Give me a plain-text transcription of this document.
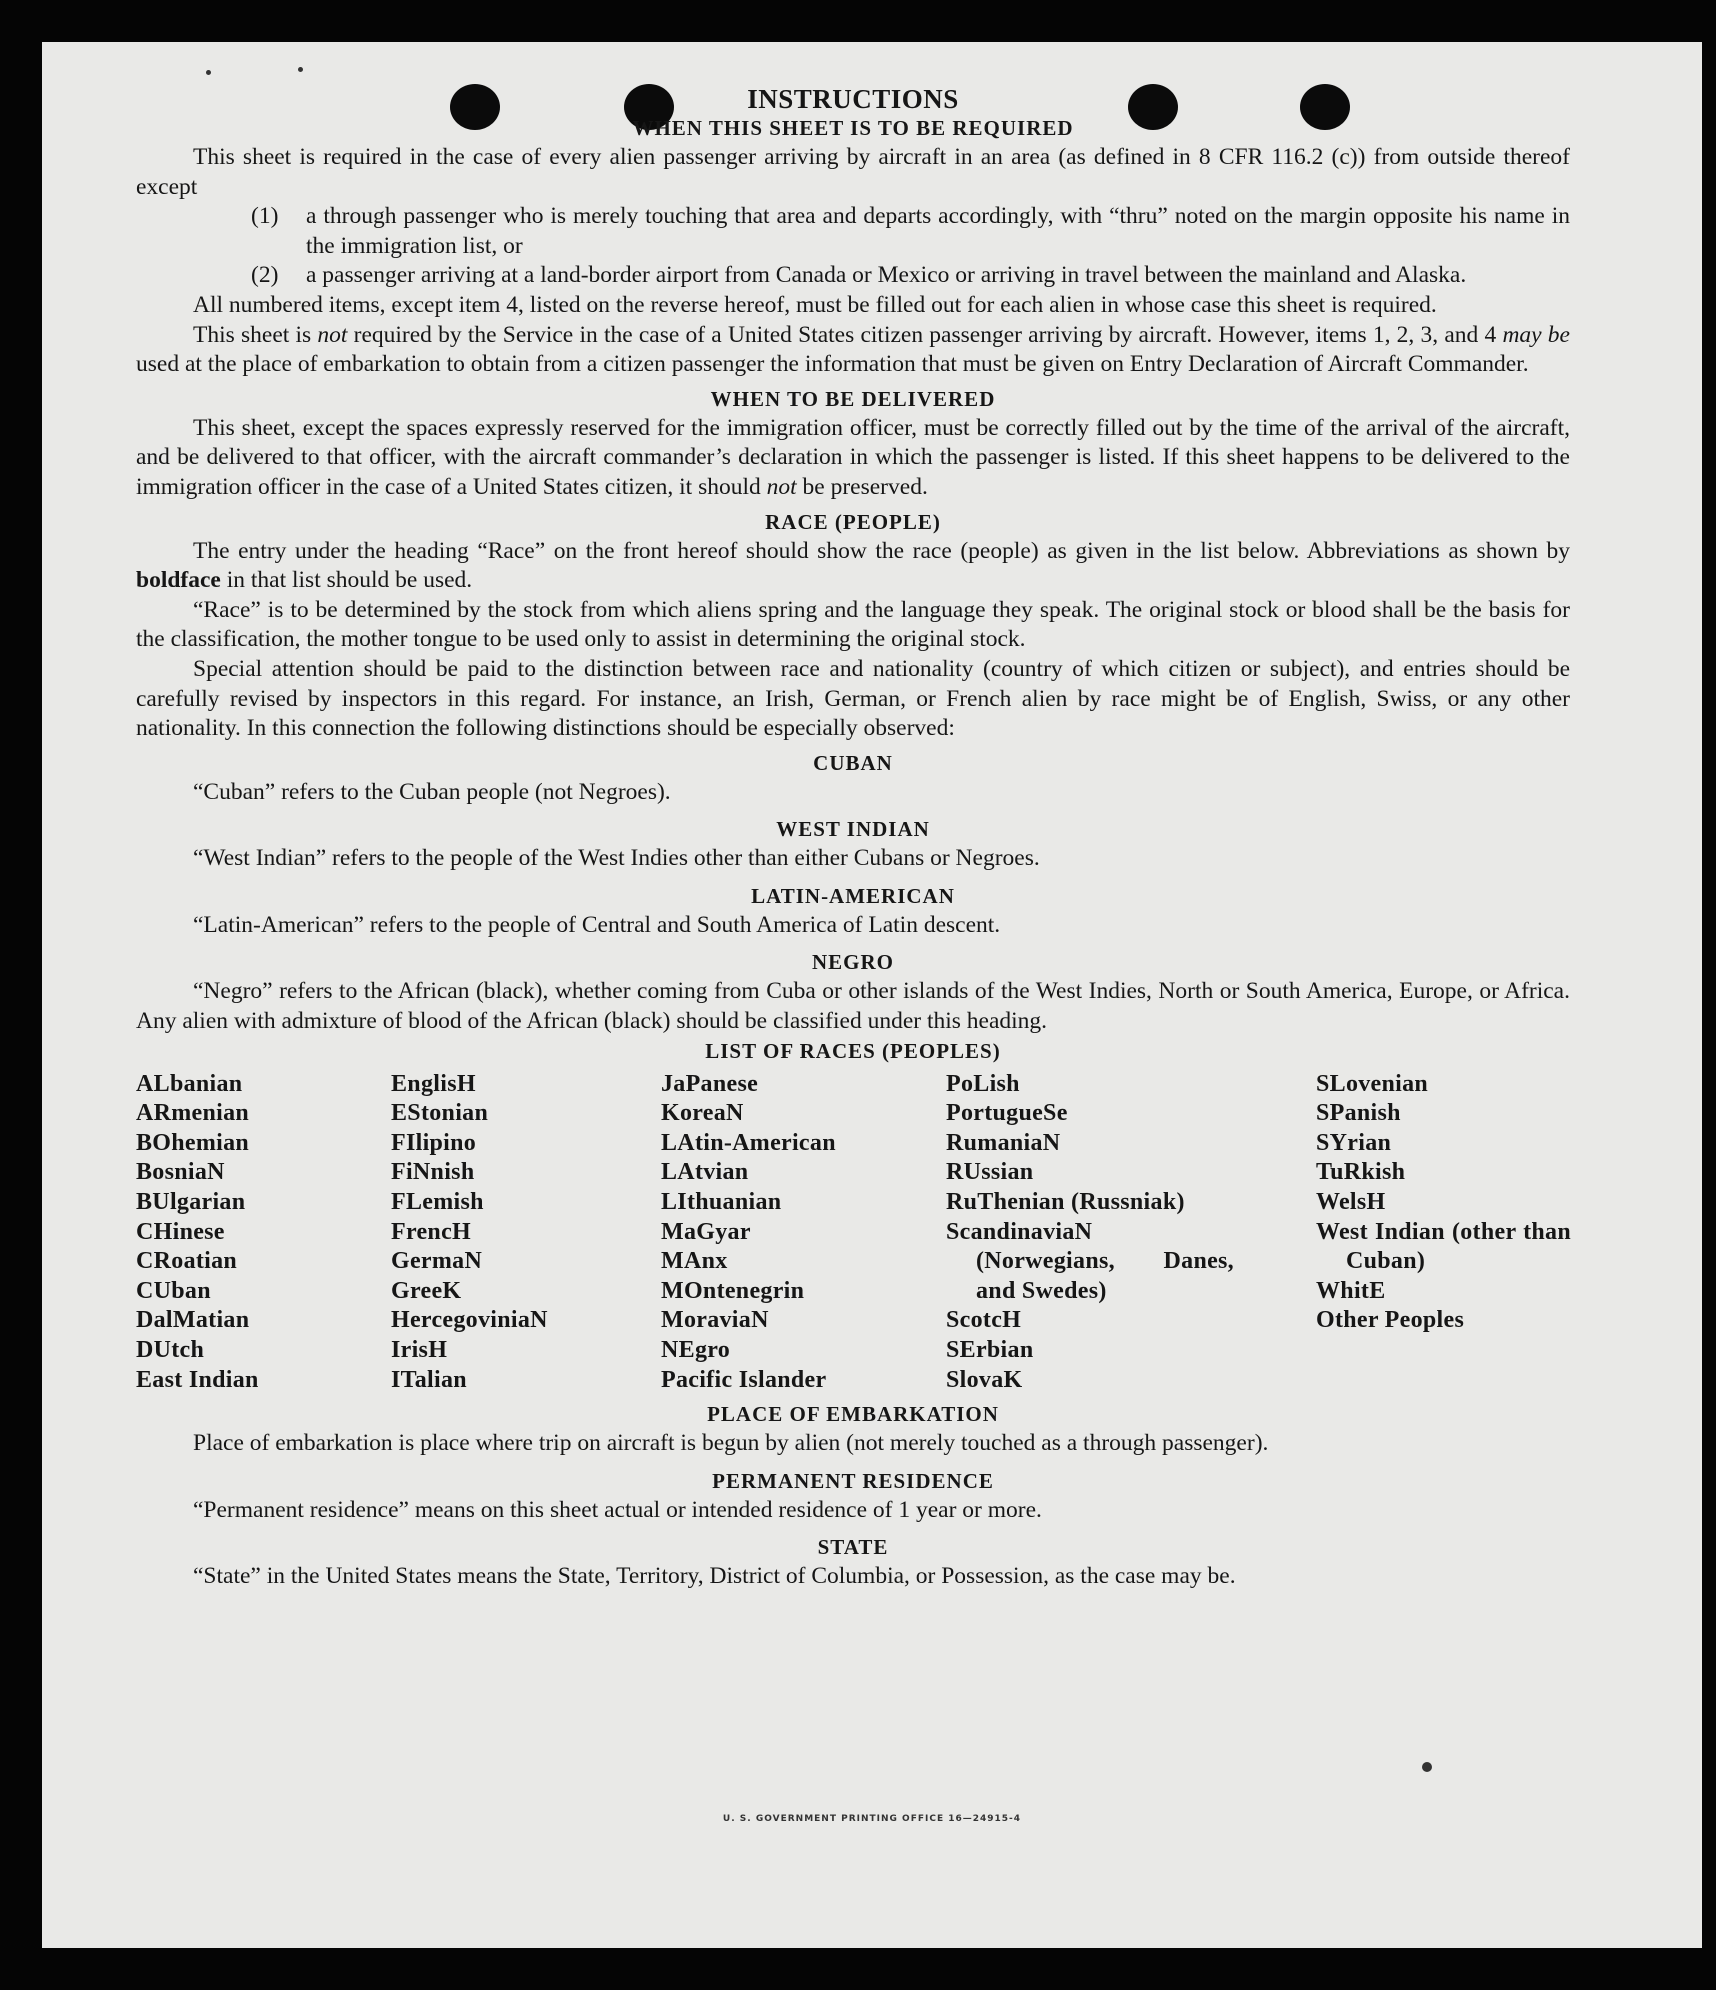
INSTRUCTIONS

WHEN THIS SHEET IS TO BE REQUIRED

This sheet is required in the case of every alien passenger arriving by aircraft in an area (as defined in 8 CFR 116.2 (c)) from outside thereof except

(1)	a through passenger who is merely touching that area and departs accordingly, with “thru” noted on the margin opposite his name in the immigration list, or
(2)	a passenger arriving at a land-border airport from Canada or Mexico or arriving in travel between the mainland and Alaska.

All numbered items, except item 4, listed on the reverse hereof, must be filled out for each alien in whose case this sheet is required.

This sheet is not required by the Service in the case of a United States citizen passenger arriving by aircraft. However, items 1, 2, 3, and 4 may be used at the place of embarkation to obtain from a citizen passenger the information that must be given on Entry Declaration of Aircraft Commander.

WHEN TO BE DELIVERED

This sheet, except the spaces expressly reserved for the immigration officer, must be correctly filled out by the time of the arrival of the aircraft, and be delivered to that officer, with the aircraft commander’s declaration in which the passenger is listed. If this sheet happens to be delivered to the immigration officer in the case of a United States citizen, it should not be preserved.

RACE (PEOPLE)

The entry under the heading “Race” on the front hereof should show the race (people) as given in the list below. Abbreviations as shown by boldface in that list should be used.

“Race” is to be determined by the stock from which aliens spring and the language they speak. The original stock or blood shall be the basis for the classification, the mother tongue to be used only to assist in determining the original stock.

Special attention should be paid to the distinction between race and nationality (country of which citizen or subject), and entries should be carefully revised by inspectors in this regard. For instance, an Irish, German, or French alien by race might be of English, Swiss, or any other nationality. In this connection the following distinctions should be especially observed:

CUBAN

“Cuban” refers to the Cuban people (not Negroes).

WEST INDIAN

“West Indian” refers to the people of the West Indies other than either Cubans or Negroes.

LATIN-AMERICAN

“Latin-American” refers to the people of Central and South America of Latin descent.

NEGRO

“Negro” refers to the African (black), whether coming from Cuba or other islands of the West Indies, North or South America, Europe, or Africa. Any alien with admixture of blood of the African (black) should be classified under this heading.

LIST OF RACES (PEOPLES)

ALbanian
ARmenian
BOhemian
BosniaN
BUlgarian
CHinese
CRoatian
CUban
DalMatian
DUtch
East Indian
EnglisH
EStonian
FIlipino
FiNnish
FLemish
FrencH
GermaN
GreeK
HercegoviniaN
IrisH
ITalian
JaPanese
KoreaN
LAtin-American
LAtvian
LIthuanian
MaGyar
MAnx
MOntenegrin
MoraviaN
NEgro
Pacific Islander
PoLish
PortugueSe
RumaniaN
RUssian
RuThenian (Russniak)
ScandinaviaN (Norwegians, Danes, and Swedes)
ScotcH
SErbian
SlovaK
SLovenian
SPanish
SYrian
TuRkish
WelsH
West Indian (other than Cuban)
WhitE
Other Peoples

PLACE OF EMBARKATION

Place of embarkation is place where trip on aircraft is begun by alien (not merely touched as a through passenger).

PERMANENT RESIDENCE

“Permanent residence” means on this sheet actual or intended residence of 1 year or more.

STATE

“State” in the United States means the State, Territory, District of Columbia, or Possession, as the case may be.

U. S. GOVERNMENT PRINTING OFFICE 16—24915-4
